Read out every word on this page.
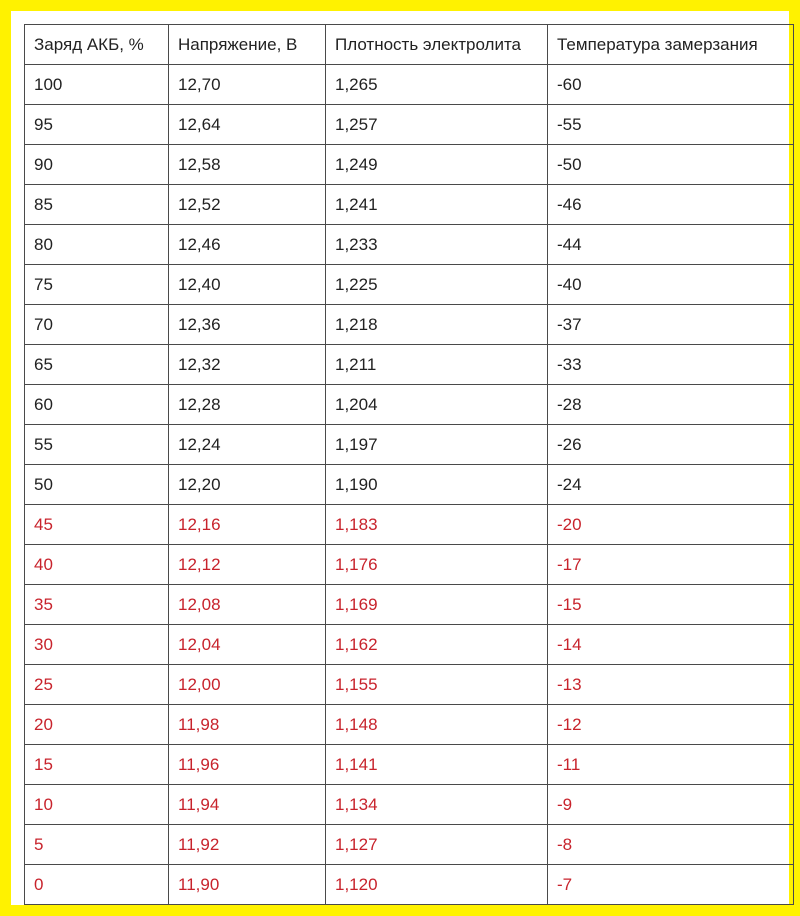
Заряд АКБ, %	Напряжение, В	Плотность электролита	Температура замерзания
100	12,70	1,265	-60
95	12,64	1,257	-55
90	12,58	1,249	-50
85	12,52	1,241	-46
80	12,46	1,233	-44
75	12,40	1,225	-40
70	12,36	1,218	-37
65	12,32	1,211	-33
60	12,28	1,204	-28
55	12,24	1,197	-26
50	12,20	1,190	-24
45	12,16	1,183	-20
40	12,12	1,176	-17
35	12,08	1,169	-15
30	12,04	1,162	-14
25	12,00	1,155	-13
20	11,98	1,148	-12
15	11,96	1,141	-11
10	11,94	1,134	-9
5	11,92	1,127	-8
0	11,90	1,120	-7
